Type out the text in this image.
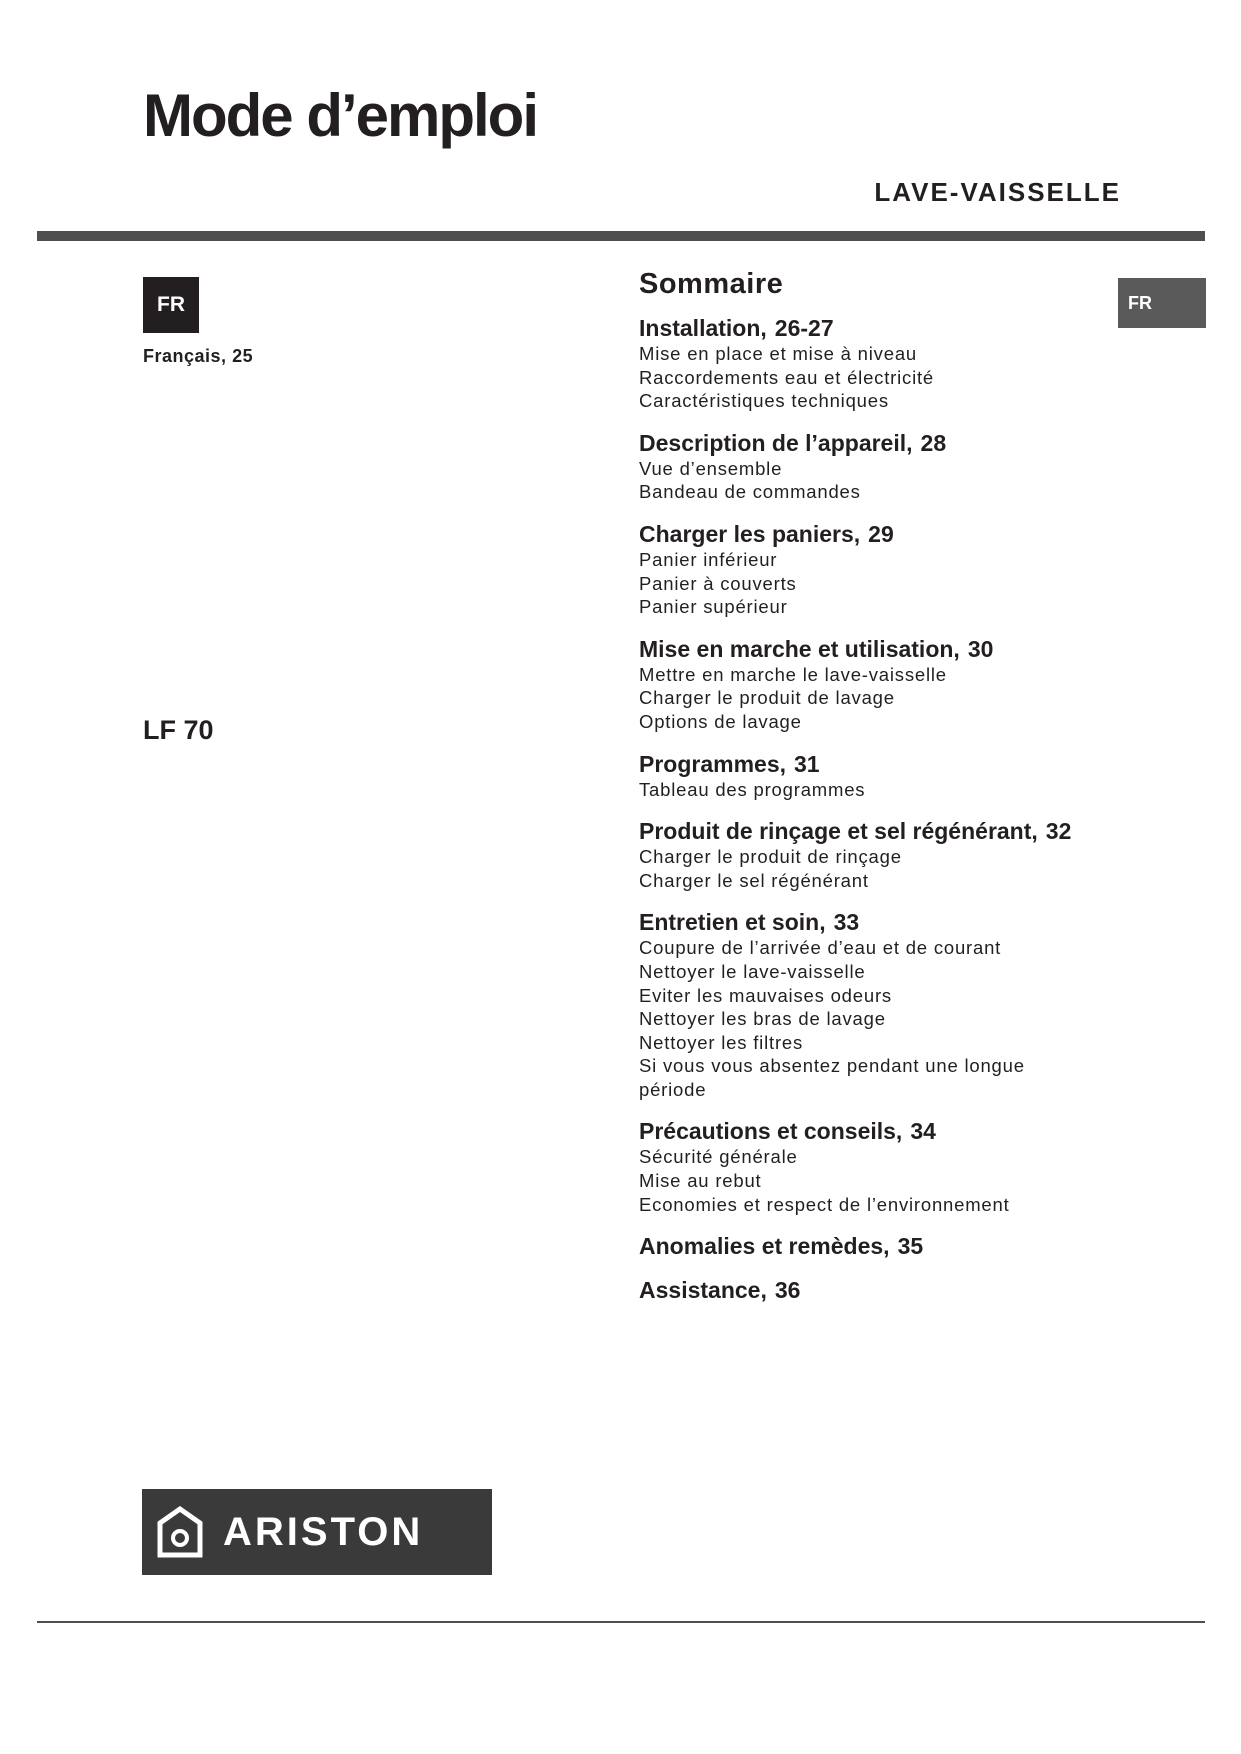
Mode d’emploi
LAVE-VAISSELLE
FR
Français, 25
LF 70
FR
Sommaire
Installation, 26-27
Mise en place et mise à niveau
Raccordements eau et électricité
Caractéristiques techniques
Description de l’appareil, 28
Vue d’ensemble
Bandeau de commandes
Charger les paniers, 29
Panier inférieur
Panier à couverts
Panier supérieur
Mise en marche et utilisation, 30
Mettre en marche le lave-vaisselle
Charger le produit de lavage
Options de lavage
Programmes, 31
Tableau des programmes
Produit de rinçage et sel régénérant, 32
Charger le produit de rinçage
Charger le sel régénérant
Entretien et soin, 33
Coupure de l’arrivée d’eau et de courant
Nettoyer le lave-vaisselle
Eviter les mauvaises odeurs
Nettoyer les bras de lavage
Nettoyer les filtres
Si vous vous absentez pendant une longue
période
Précautions et conseils, 34
Sécurité générale
Mise au rebut
Economies et respect de l’environnement
Anomalies et remèdes, 35
Assistance, 36
ARISTON
